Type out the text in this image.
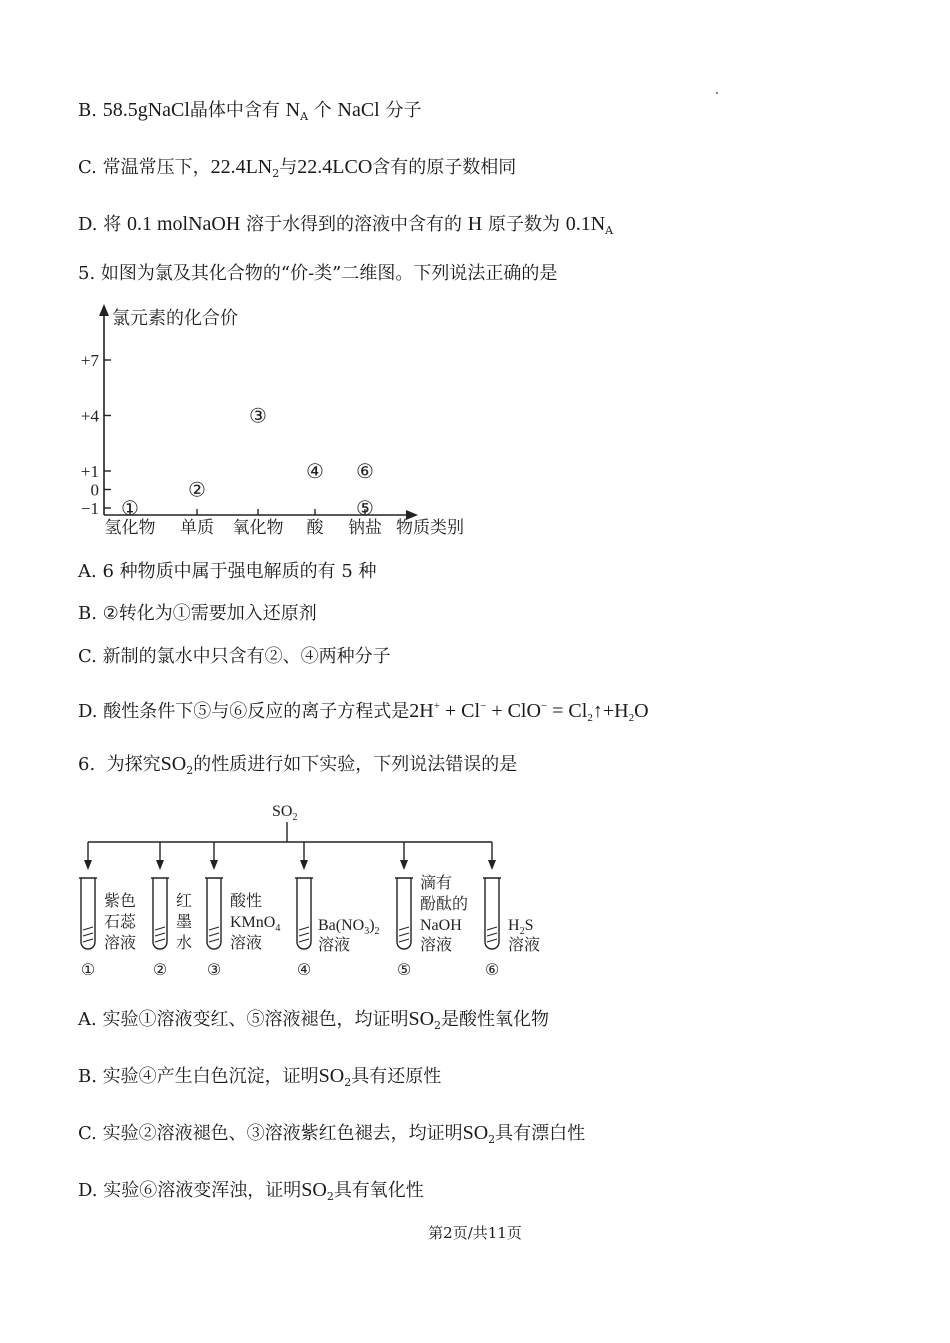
B. 58.5gNaCl晶体中含有 $N_A$ 个 NaCl 分子
C. 常温常压下，$22.4LN_2$与22.4LCO含有的原子数相同
D. 将 0.1 molNaOH 溶于水得到的溶液中含有的 H 原子数为 $0.1N_A$
5. 如图为氯及其化合物的“价-类”二维图。下列说法正确的是
氯元素的化合价
物质类别
+7
+4
+1
0
−1
氢化物 单质 氧化物 酸 钠盐
①
②
③
④
⑤
⑥
A. 6 种物质中属于强电解质的有 5 种
B. ②转化为①需要加入还原剂
C. 新制的氯水中只含有②、④两种分子
D. 酸性条件下⑤与⑥反应的离子方程式是$2H^+ + Cl^- + ClO^- = Cl_2↑+H_2O$
6. 为探究$SO_2$的性质进行如下实验，下列说法错误的是
$SO_2$
①	② ③	④	⑤	⑥
紫色
石蕊
溶液
红
墨
水
酸性
KMnO$_4$
溶液
$Ba(NO_3)_2$
溶液
滴有
酚酞的
NaOH
溶液
$H_2S$
溶液
A. 实验①溶液变红、⑤溶液褪色，均证明$SO_2$是酸性氧化物
B. 实验④产生白色沉淀，证明$SO_2$具有还原性
C. 实验②溶液褪色、③溶液紫红色褪去，均证明$SO_2$具有漂白性
D. 实验⑥溶液变浑浊，证明$SO_2$具有氧化性
第2页/共11页
